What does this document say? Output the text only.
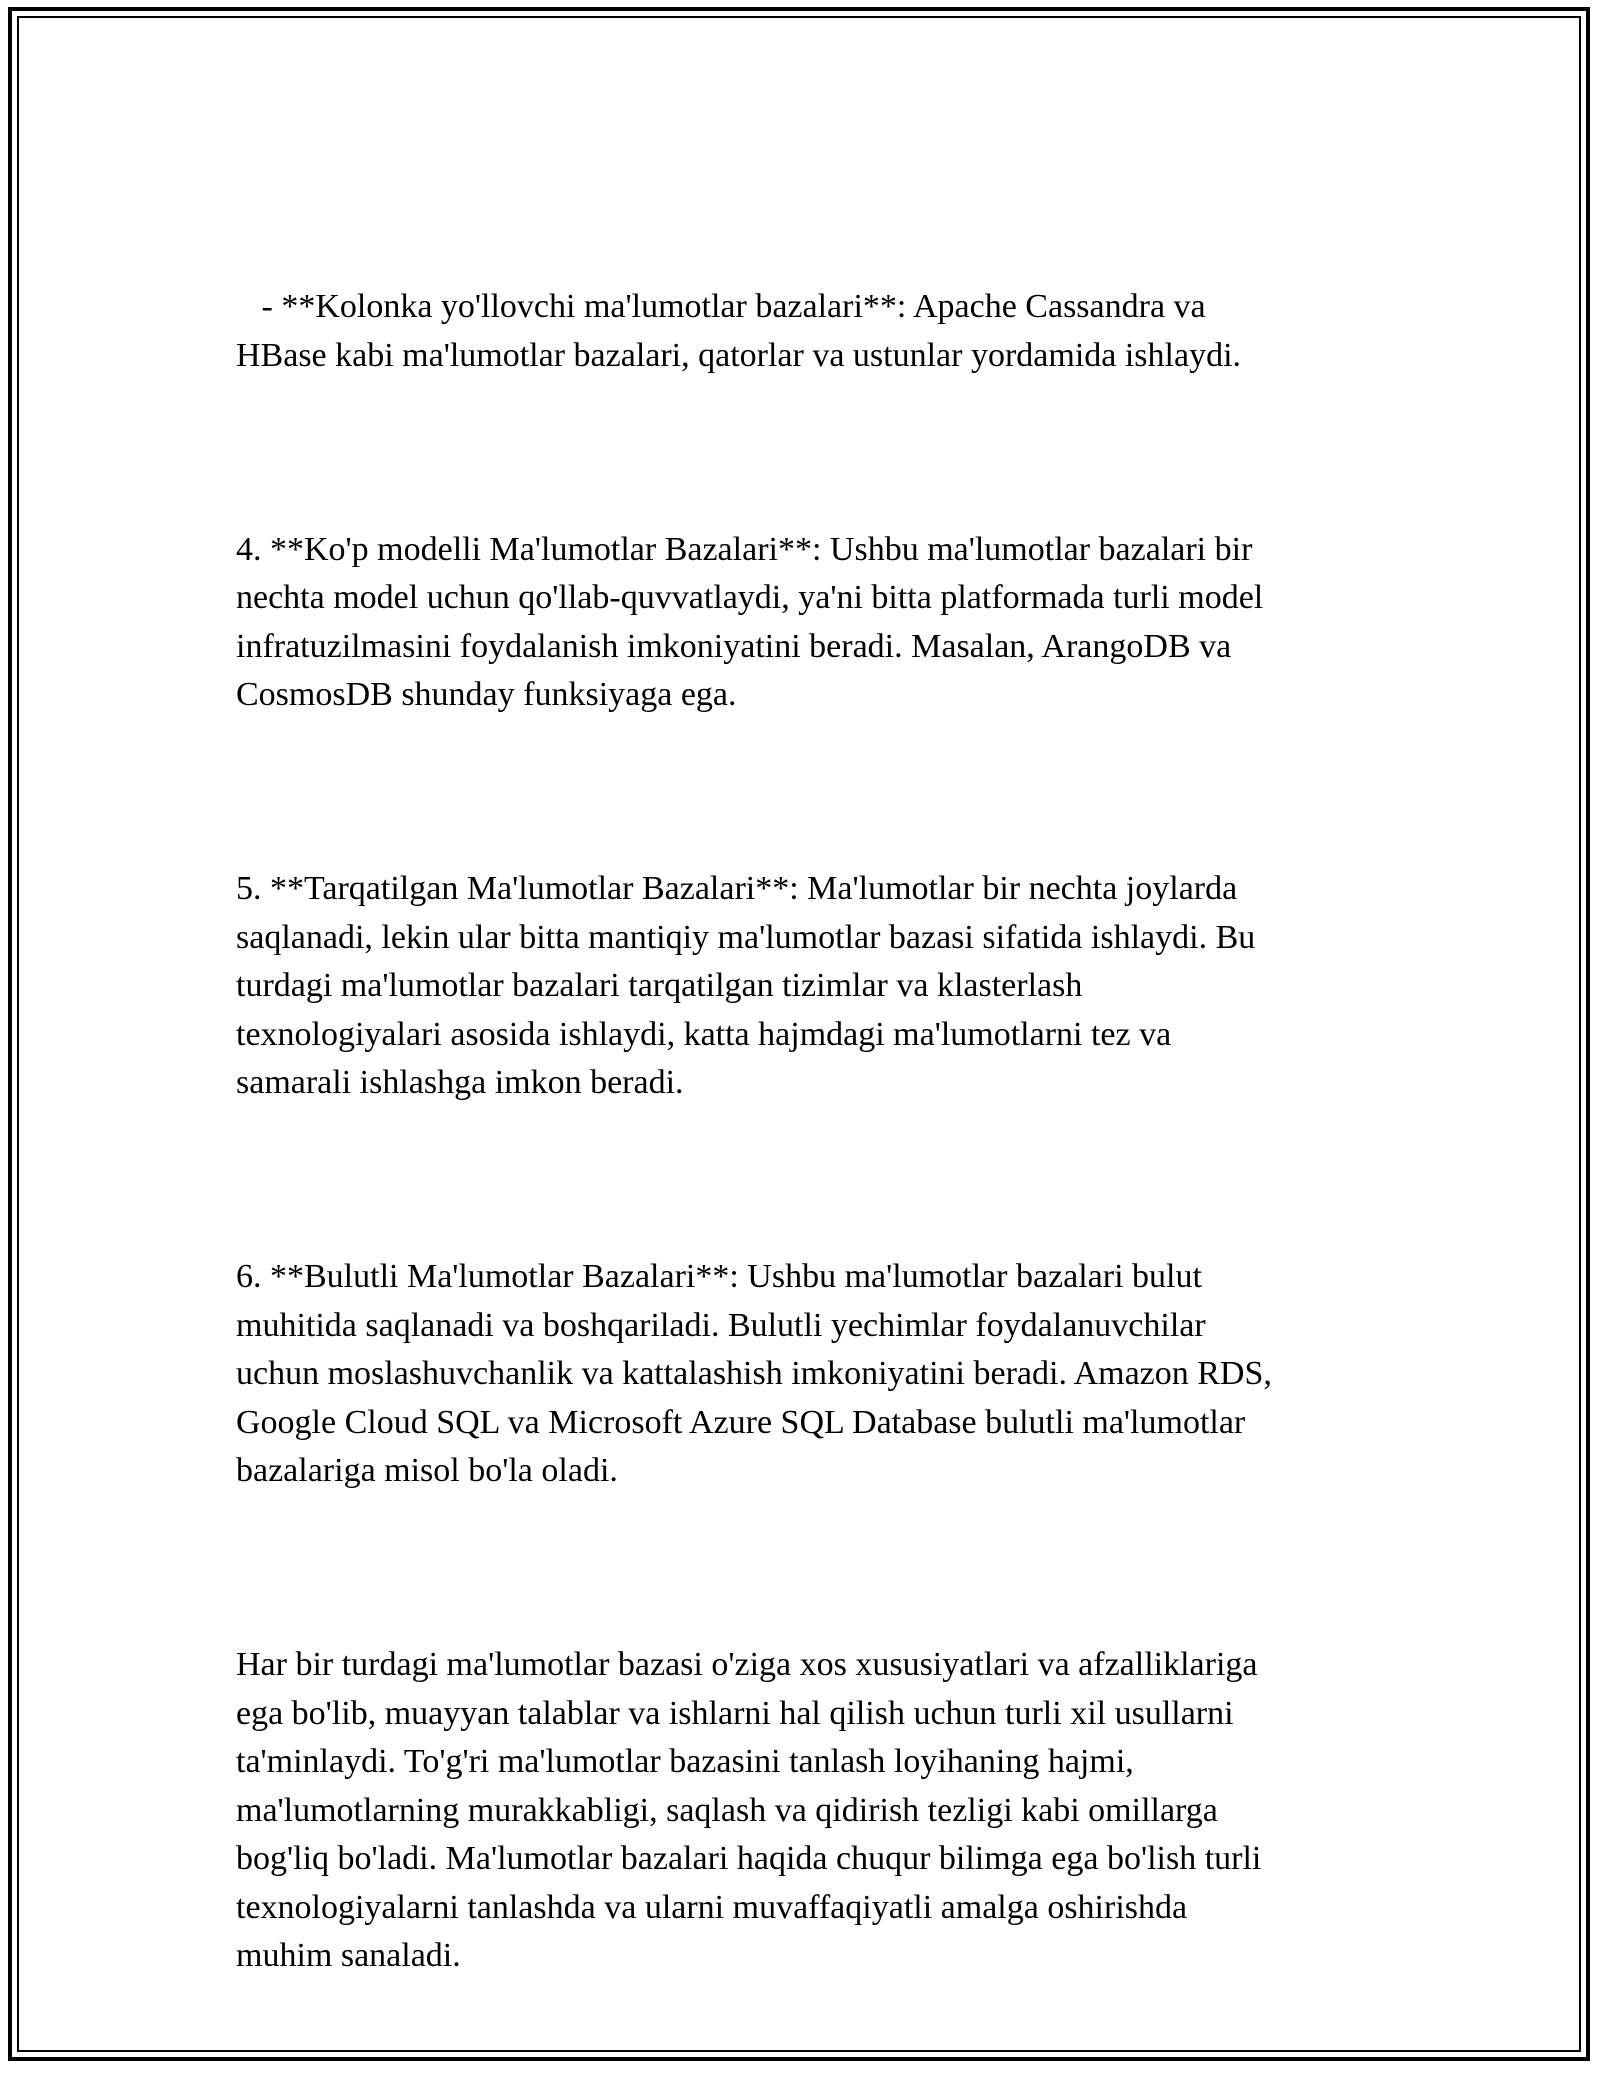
- **Kolonka yo'llovchi ma'lumotlar bazalari**: Apache Cassandra va
HBase kabi ma'lumotlar bazalari, qatorlar va ustunlar yordamida ishlaydi.

4. **Ko'p modelli Ma'lumotlar Bazalari**: Ushbu ma'lumotlar bazalari bir
nechta model uchun qo'llab-quvvatlaydi, ya'ni bitta platformada turli model
infratuzilmasini foydalanish imkoniyatini beradi. Masalan, ArangoDB va
CosmosDB shunday funksiyaga ega.

5. **Tarqatilgan Ma'lumotlar Bazalari**: Ma'lumotlar bir nechta joylarda
saqlanadi, lekin ular bitta mantiqiy ma'lumotlar bazasi sifatida ishlaydi. Bu
turdagi ma'lumotlar bazalari tarqatilgan tizimlar va klasterlash
texnologiyalari asosida ishlaydi, katta hajmdagi ma'lumotlarni tez va
samarali ishlashga imkon beradi.

6. **Bulutli Ma'lumotlar Bazalari**: Ushbu ma'lumotlar bazalari bulut
muhitida saqlanadi va boshqariladi. Bulutli yechimlar foydalanuvchilar
uchun moslashuvchanlik va kattalashish imkoniyatini beradi. Amazon RDS,
Google Cloud SQL va Microsoft Azure SQL Database bulutli ma'lumotlar
bazalariga misol bo'la oladi.

Har bir turdagi ma'lumotlar bazasi o'ziga xos xususiyatlari va afzalliklariga
ega bo'lib, muayyan talablar va ishlarni hal qilish uchun turli xil usullarni
ta'minlaydi. To'g'ri ma'lumotlar bazasini tanlash loyihaning hajmi,
ma'lumotlarning murakkabligi, saqlash va qidirish tezligi kabi omillarga
bog'liq bo'ladi. Ma'lumotlar bazalari haqida chuqur bilimga ega bo'lish turli
texnologiyalarni tanlashda va ularni muvaffaqiyatli amalga oshirishda
muhim sanaladi.
